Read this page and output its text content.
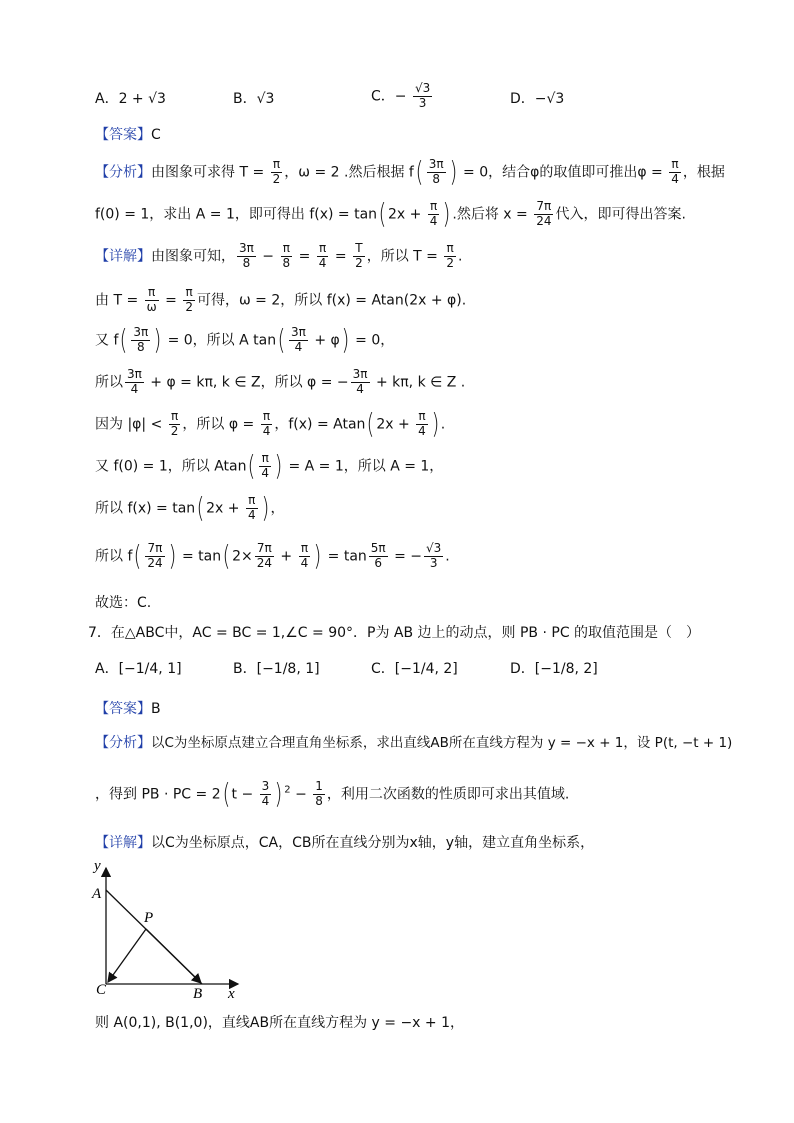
A．2 + √3	B．√3	C．− $\frac{√3}{3}$	D．−√3
【答案】C
【分析】由图象可求得 $T = \frac{\pi}{2}$ ，ω = 2 .然后根据 $f( \frac{3\pi}{8}$ ) = 0，结合φ的取值即可推出$\varphi = \frac{\pi}{4}$ ，根据
f(0) = 1，求出 A = 1，即可得出 f(x) = tan( $2x + \frac{\pi}{4}$ ) .然后将 $x = \frac{7\pi}{24}$ 代入，即可得出答案.
【详解】由图象可知， $\frac{3\pi}{8} - \frac{\pi}{8} = \frac{\pi}{4} = \frac{T}{2}$ ，所以 $T = \frac{\pi}{2}$ .
由 $T = \frac{\pi}{\omega} = \frac{\pi}{2}$ 可得，ω = 2，所以 f(x) = Atan(2x + φ).
又 $f( \frac{3\pi}{8}$ ) = 0，所以 A $\tan( \frac{3\pi}{4} + \varphi) = 0$，
所以 $\frac{3\pi}{4} + \varphi = k\pi$, k ∈ Z，所以 φ = − $\frac{3\pi}{4} + k\pi$, k ∈ Z .
因为 $|\varphi| < \frac{\pi}{2}$ ，所以 $\varphi = \frac{\pi}{4}$ ，f(x) = Atan( $2x + \frac{\pi}{4}$ ) .
又 f(0) = 1，所以 $Atan( \frac{\pi}{4}$ ) = A = 1，所以 A = 1，
所以 f(x) = tan( $2x + \frac{\pi}{4}$ ) ，
所以 $f( \frac{7\pi}{24}$ ) = tan( $2\times \frac{7\pi}{24} + \frac{\pi}{4}$ ) = $\tan \frac{5\pi}{6}$ = − $\frac{√3}{3}$ .
故选：C.
7．在△ABC中，AC = BC = 1,∠C = 90°．P为 AB 边上的动点，则 PB · PC 的取值范围是（　）
A．[−1/4, 1]	B．[−1/8, 1]	C．[−1/4, 2]	D．[−1/8, 2]
【答案】B
【分析】以C为坐标原点建立合理直角坐标系，求出直线AB所在直线方程为 y = −x + 1，设 P(t, −t + 1)
，得到 PB · PC = 2( $t - \frac{3}{4}$ ) $^2 - \frac{1}{8}$ ，利用二次函数的性质即可求出其值域.
【详解】以C为坐标原点，CA，CB所在直线分别为x轴，y轴，建立直角坐标系，
y
x
A
P
C	B
则 A(0,1), B(1,0)，直线AB所在直线方程为 y = −x + 1，
